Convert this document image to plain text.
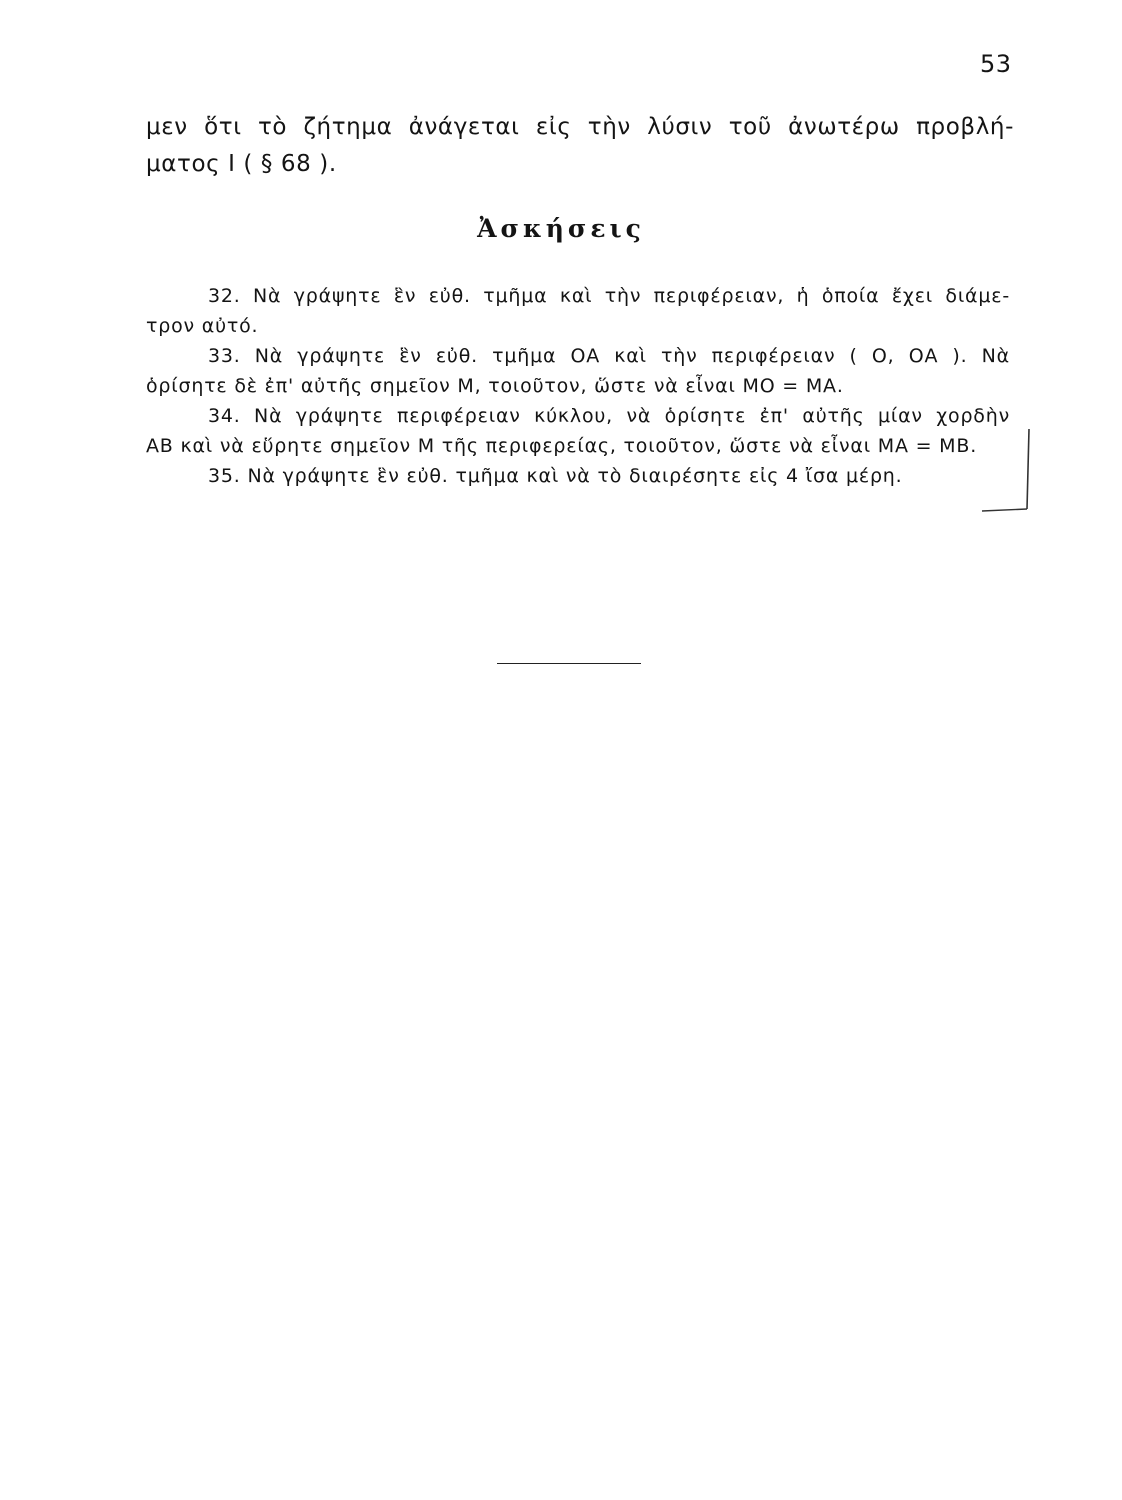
53
μεν ὅτι τὸ ζήτημα ἀνάγεται εἰς τὴν λύσιν τοῦ ἀνωτέρω προβλή-
ματος Ι ( § 68 ).
Ἀσκήσεις
32. Νὰ γράψητε ἓν εὐθ. τμῆμα καὶ τὴν περιφέρειαν, ἡ ὁποία ἔχει διάμε-
τρον αὐτό.
33. Νὰ γράψητε ἓν εὐθ. τμῆμα ΟΑ καὶ τὴν περιφέρειαν ( Ο, ΟΑ ). Νὰ
ὁρίσητε δὲ ἐπ' αὐτῆς σημεῖον Μ, τοιοῦτον, ὥστε νὰ εἶναι ΜΟ = ΜΑ.
34. Νὰ γράψητε περιφέρειαν κύκλου, νὰ ὁρίσητε ἐπ' αὐτῆς μίαν χορδὴν
ΑΒ καὶ νὰ εὕρητε σημεῖον Μ τῆς περιφερείας, τοιοῦτον, ὥστε νὰ εἶναι ΜΑ = ΜΒ.
35. Νὰ γράψητε ἓν εὐθ. τμῆμα καὶ νὰ τὸ διαιρέσητε εἰς 4 ἴσα μέρη.
